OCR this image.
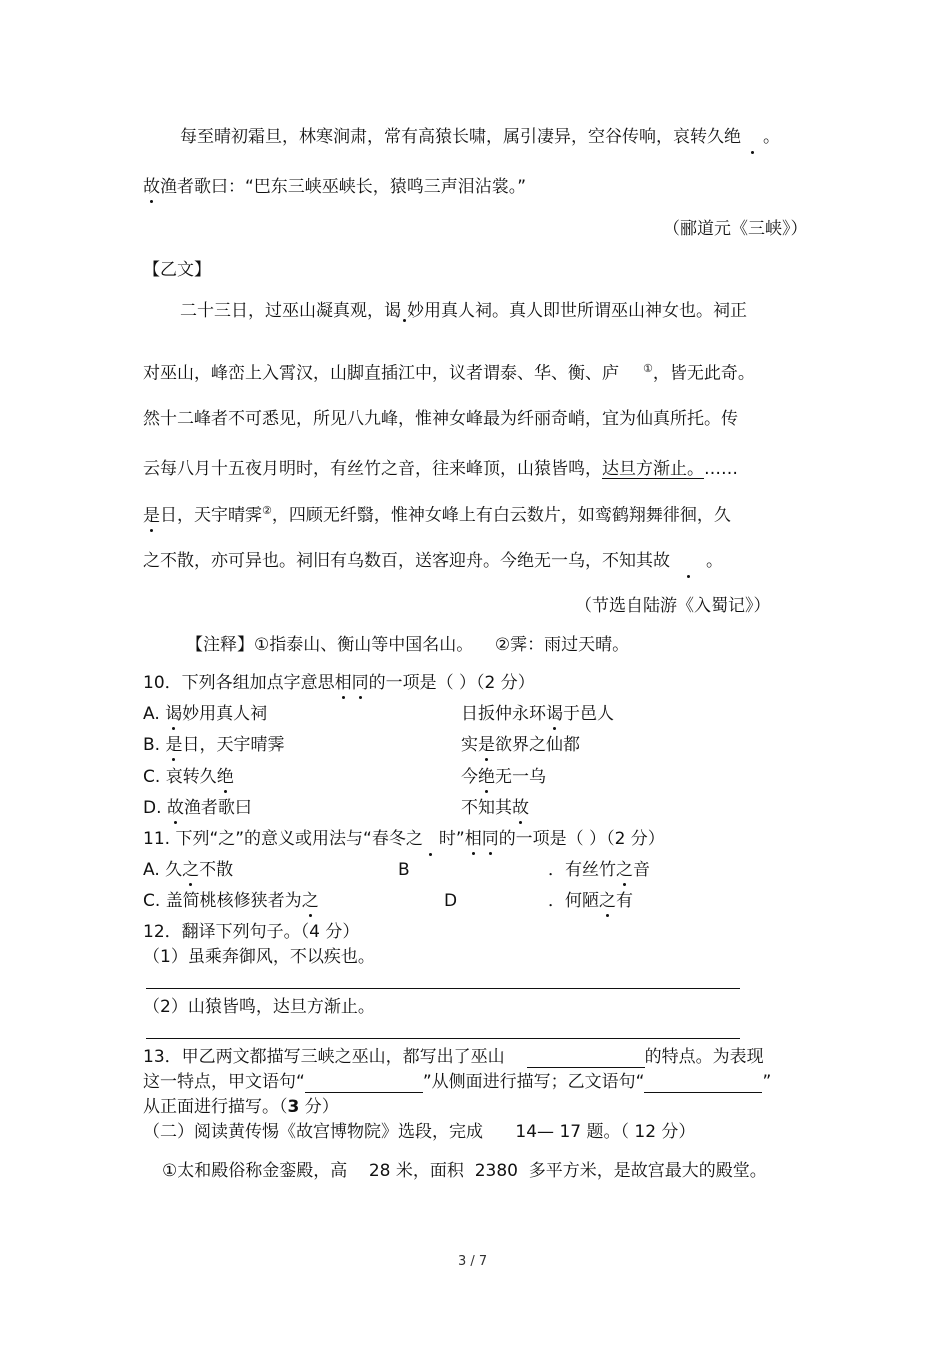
每至晴初霜旦，林寒涧肃，常有高猿长啸，属引凄异，空谷传响，哀转久绝 。
故渔者歌曰：“巴东三峡巫峡长，猿鸣三声泪沾裳。”
（郦道元《三峡》）
【乙文】
二十三日，过巫山凝真观，谒 妙用真人祠。真人即世所谓巫山神女也。祠正
对巫山，峰峦上入霄汉，山脚直插江中，议者谓泰、华、衡、庐 ①，皆无此奇。
然十二峰者不可悉见，所见八九峰，惟神女峰最为纤丽奇峭，宜为仙真所托。传
云每八月十五夜月明时，有丝竹之音，往来峰顶，山猿皆鸣，达旦方渐止。……
是日，天宇晴霁②，四顾无纤翳，惟神女峰上有白云数片，如鸾鹤翔舞徘徊，久
之不散，亦可异也。祠旧有乌数百，送客迎舟。今绝无一乌，不知其故 。
（节选自陆游《入蜀记》）
【注释】①指泰山、衡山等中国名山。    ②霁：雨过天晴。
10．下列各组加点字意思相同的一项是（ ）（2 分）
A. 谒妙用真人祠	日扳仲永环谒于邑人
B. 是日，天宇晴霁	实是欲界之仙都
C. 哀转久绝	今绝无一乌
D. 故渔者歌曰	不知其故
11. 下列“之”的意义或用法与“春冬之 时”相同的一项是（ ）（2 分）
A. 久之不散	B	．有丝竹之音
C. 盖简桃核修狭者为之	D	．何陋之有
12．翻译下列句子。（4 分）
（1）虽乘奔御风，不以疾也。
（2）山猿皆鸣，达旦方渐止。
13．甲乙两文都描写三峡之巫山，都写出了巫山	的特点。为表现
这一特点，甲文语句“	”从侧面进行描写；乙文语句“	”
从正面进行描写。（3 分）
（二）阅读黄传惕《故宫博物院》选段，完成      14— 17 题。（ 12 分）
①太和殿俗称金銮殿，高    28 米，面积  2380  多平方米，是故宫最大的殿堂。
3 / 7
